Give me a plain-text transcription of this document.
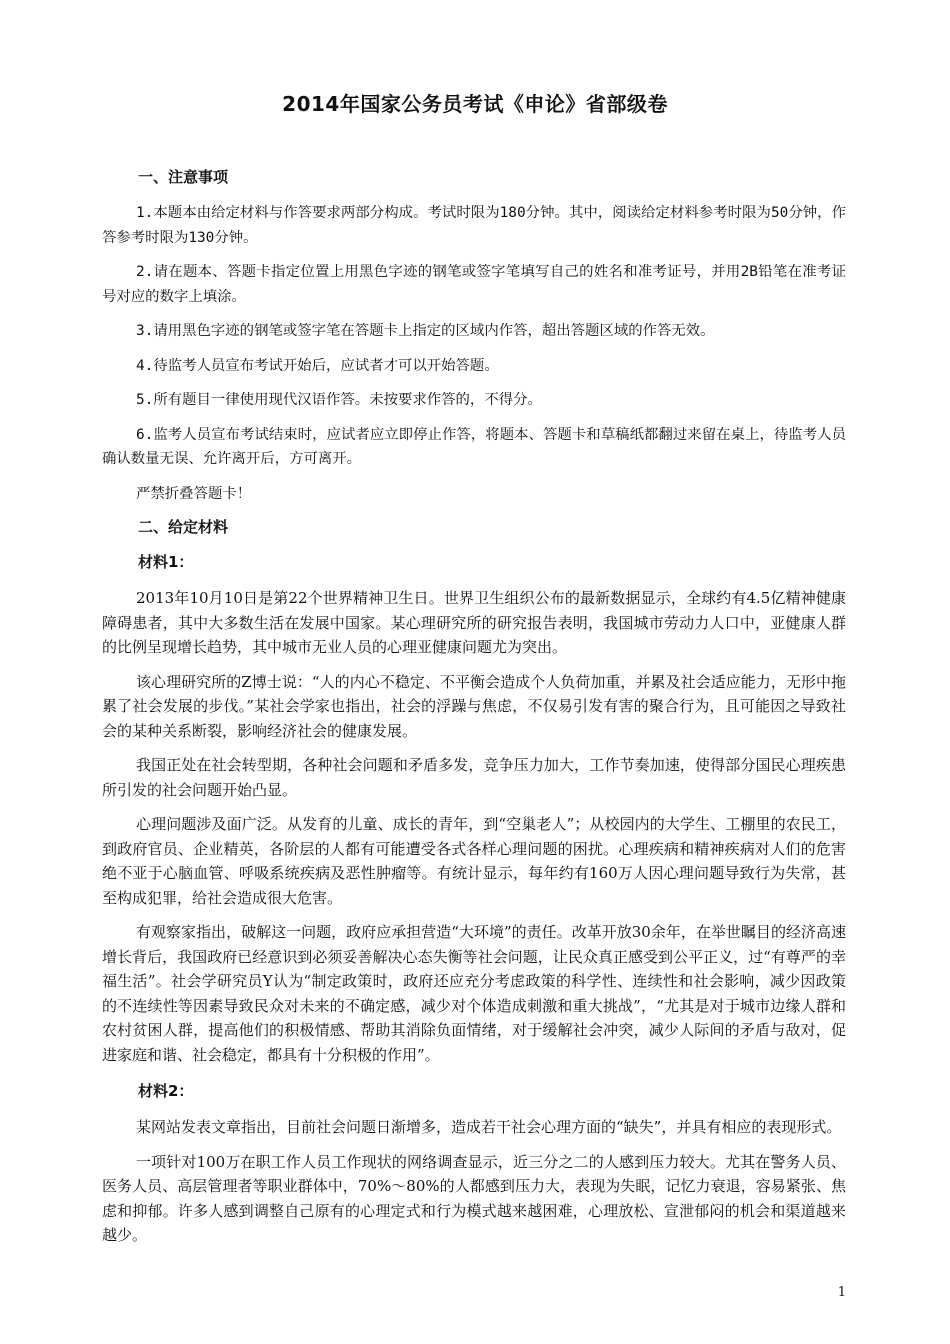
2014年国家公务员考试《申论》省部级卷

一、注意事项

1.本题本由给定材料与作答要求两部分构成。考试时限为180分钟。其中，阅读给定材料参考时限为50分钟，作答参考时限为130分钟。

2.请在题本、答题卡指定位置上用黑色字迹的钢笔或签字笔填写自己的姓名和准考证号，并用2B铅笔在准考证号对应的数字上填涂。

3.请用黑色字迹的钢笔或签字笔在答题卡上指定的区域内作答，超出答题区域的作答无效。

4.待监考人员宣布考试开始后，应试者才可以开始答题。

5.所有题目一律使用现代汉语作答。未按要求作答的，不得分。

6.监考人员宣布考试结束时，应试者应立即停止作答，将题本、答题卡和草稿纸都翻过来留在桌上，待监考人员确认数量无误、允许离开后，方可离开。

严禁折叠答题卡！

二、给定材料

材料1：

2013年10月10日是第22个世界精神卫生日。世界卫生组织公布的最新数据显示，全球约有4.5亿精神健康障碍患者，其中大多数生活在发展中国家。某心理研究所的研究报告表明，我国城市劳动力人口中，亚健康人群的比例呈现增长趋势，其中城市无业人员的心理亚健康问题尤为突出。

该心理研究所的Z博士说：“人的内心不稳定、不平衡会造成个人负荷加重，并累及社会适应能力，无形中拖累了社会发展的步伐。”某社会学家也指出，社会的浮躁与焦虑，不仅易引发有害的聚合行为，且可能因之导致社会的某种关系断裂，影响经济社会的健康发展。

我国正处在社会转型期，各种社会问题和矛盾多发，竞争压力加大，工作节奏加速，使得部分国民心理疾患所引发的社会问题开始凸显。

心理问题涉及面广泛。从发育的儿童、成长的青年，到“空巢老人”；从校园内的大学生、工棚里的农民工，到政府官员、企业精英，各阶层的人都有可能遭受各式各样心理问题的困扰。心理疾病和精神疾病对人们的危害绝不亚于心脑血管、呼吸系统疾病及恶性肿瘤等。有统计显示，每年约有160万人因心理问题导致行为失常，甚至构成犯罪，给社会造成很大危害。

有观察家指出，破解这一问题，政府应承担营造“大环境”的责任。改革开放30余年，在举世瞩目的经济高速增长背后，我国政府已经意识到必须妥善解决心态失衡等社会问题，让民众真正感受到公平正义，过“有尊严的幸福生活”。社会学研究员Y认为“制定政策时，政府还应充分考虑政策的科学性、连续性和社会影响，减少因政策的不连续性等因素导致民众对未来的不确定感，减少对个体造成刺激和重大挑战”，“尤其是对于城市边缘人群和农村贫困人群，提高他们的积极情感、帮助其消除负面情绪，对于缓解社会冲突，减少人际间的矛盾与敌对，促进家庭和谐、社会稳定，都具有十分积极的作用”。

材料2：

某网站发表文章指出，目前社会问题日渐增多，造成若干社会心理方面的“缺失”，并具有相应的表现形式。

一项针对100万在职工作人员工作现状的网络调查显示，近三分之二的人感到压力较大。尤其在警务人员、医务人员、高层管理者等职业群体中，70%～80%的人都感到压力大，表现为失眠，记忆力衰退，容易紧张、焦虑和抑郁。许多人感到调整自己原有的心理定式和行为模式越来越困难，心理放松、宣泄郁闷的机会和渠道越来越少。

1
